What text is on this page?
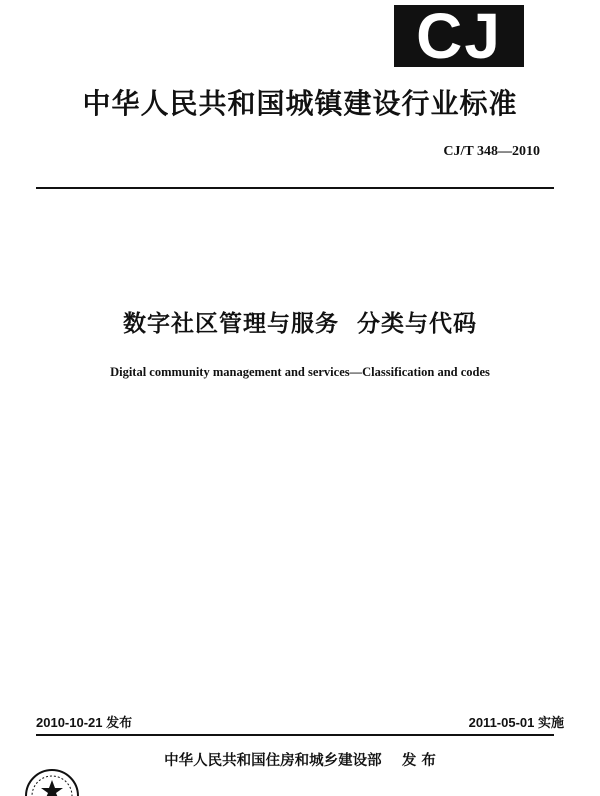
CJ
中华人民共和国城镇建设行业标准
CJ/T 348—2010
数字社区管理与服务  分类与代码
Digital community management and services—Classification and codes
2010-10-21 发布	2011-05-01 实施
中华人民共和国住房和城乡建设部    发 布
